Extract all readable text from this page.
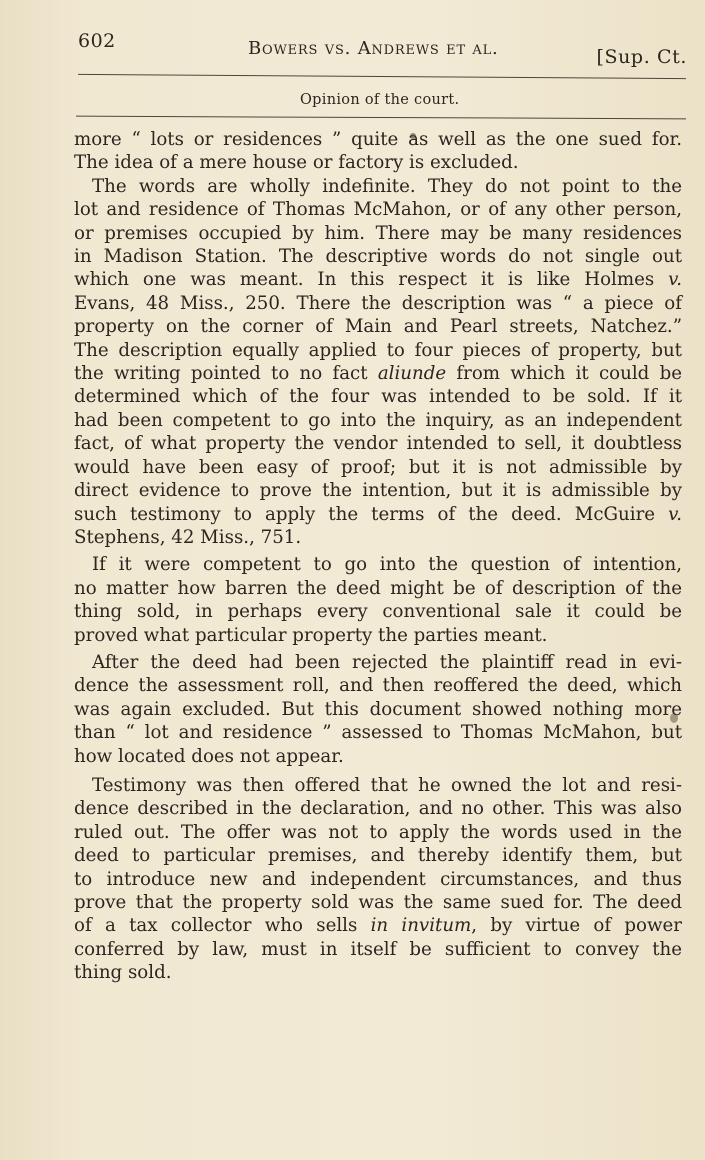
602	Bowers vs. Andrews et al.	[Sup. Ct.
Opinion of the court.
more “ lots or residences ” quite as well as the one sued for.
The idea of a mere house or factory is excluded.
The words are wholly indefinite. They do not point to the
lot and residence of Thomas McMahon, or of any other person,
or premises occupied by him. There may be many residences
in Madison Station. The descriptive words do not single out
which one was meant. In this respect it is like Holmes v.
Evans, 48 Miss., 250. There the description was “ a piece of
property on the corner of Main and Pearl streets, Natchez.”
The description equally applied to four pieces of property, but
the writing pointed to no fact aliunde from which it could be
determined which of the four was intended to be sold. If it
had been competent to go into the inquiry, as an independent
fact, of what property the vendor intended to sell, it doubtless
would have been easy of proof; but it is not admissible by
direct evidence to prove the intention, but it is admissible by
such testimony to apply the terms of the deed. McGuire v.
Stephens, 42 Miss., 751.
If it were competent to go into the question of intention,
no matter how barren the deed might be of description of the
thing sold, in perhaps every conventional sale it could be
proved what particular property the parties meant.
After the deed had been rejected the plaintiff read in evi-
dence the assessment roll, and then reoffered the deed, which
was again excluded. But this document showed nothing more
than “ lot and residence ” assessed to Thomas McMahon, but
how located does not appear.
Testimony was then offered that he owned the lot and resi-
dence described in the declaration, and no other. This was also
ruled out. The offer was not to apply the words used in the
deed to particular premises, and thereby identify them, but
to introduce new and independent circumstances, and thus
prove that the property sold was the same sued for. The deed
of a tax collector who sells in invitum, by virtue of power
conferred by law, must in itself be sufficient to convey the
thing sold.
